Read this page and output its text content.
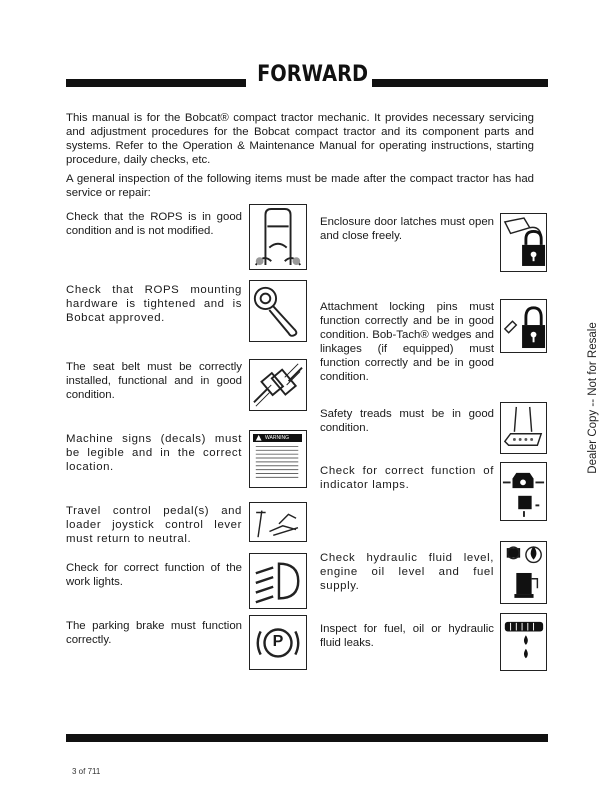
FORWARD

This manual is for the Bobcat® compact tractor mechanic. It provides necessary servicing and adjustment procedures for the Bobcat compact tractor and its component parts and systems. Refer to the Operation & Maintenance Manual for operating instructions, starting procedure, daily checks, etc.

A general inspection of the following items must be made after the compact tractor has had service or repair:

Check that the ROPS is in good condition and is not modified.

Check that ROPS mounting hardware is tightened and is Bobcat approved.

The seat belt must be correctly installed, functional and in good condition.

Machine signs (decals) must be legible and in the correct location.

WARNING

Travel control pedal(s) and loader joystick control lever must return to neutral.

Check for correct function of the work lights.

The parking brake must function correctly.	P

Enclosure door latches must open and close freely.

Attachment locking pins must function correctly and be in good condition. Bob-Tach® wedges and linkages (if equipped) must function correctly and be in good condition.

Safety treads must be in good condition.

Check for correct function of indicator lamps.

Check hydraulic fluid level, engine oil level and fuel supply.

Inspect for fuel, oil or hydraulic fluid leaks.

Dealer Copy -- Not for Resale
3 of 711
